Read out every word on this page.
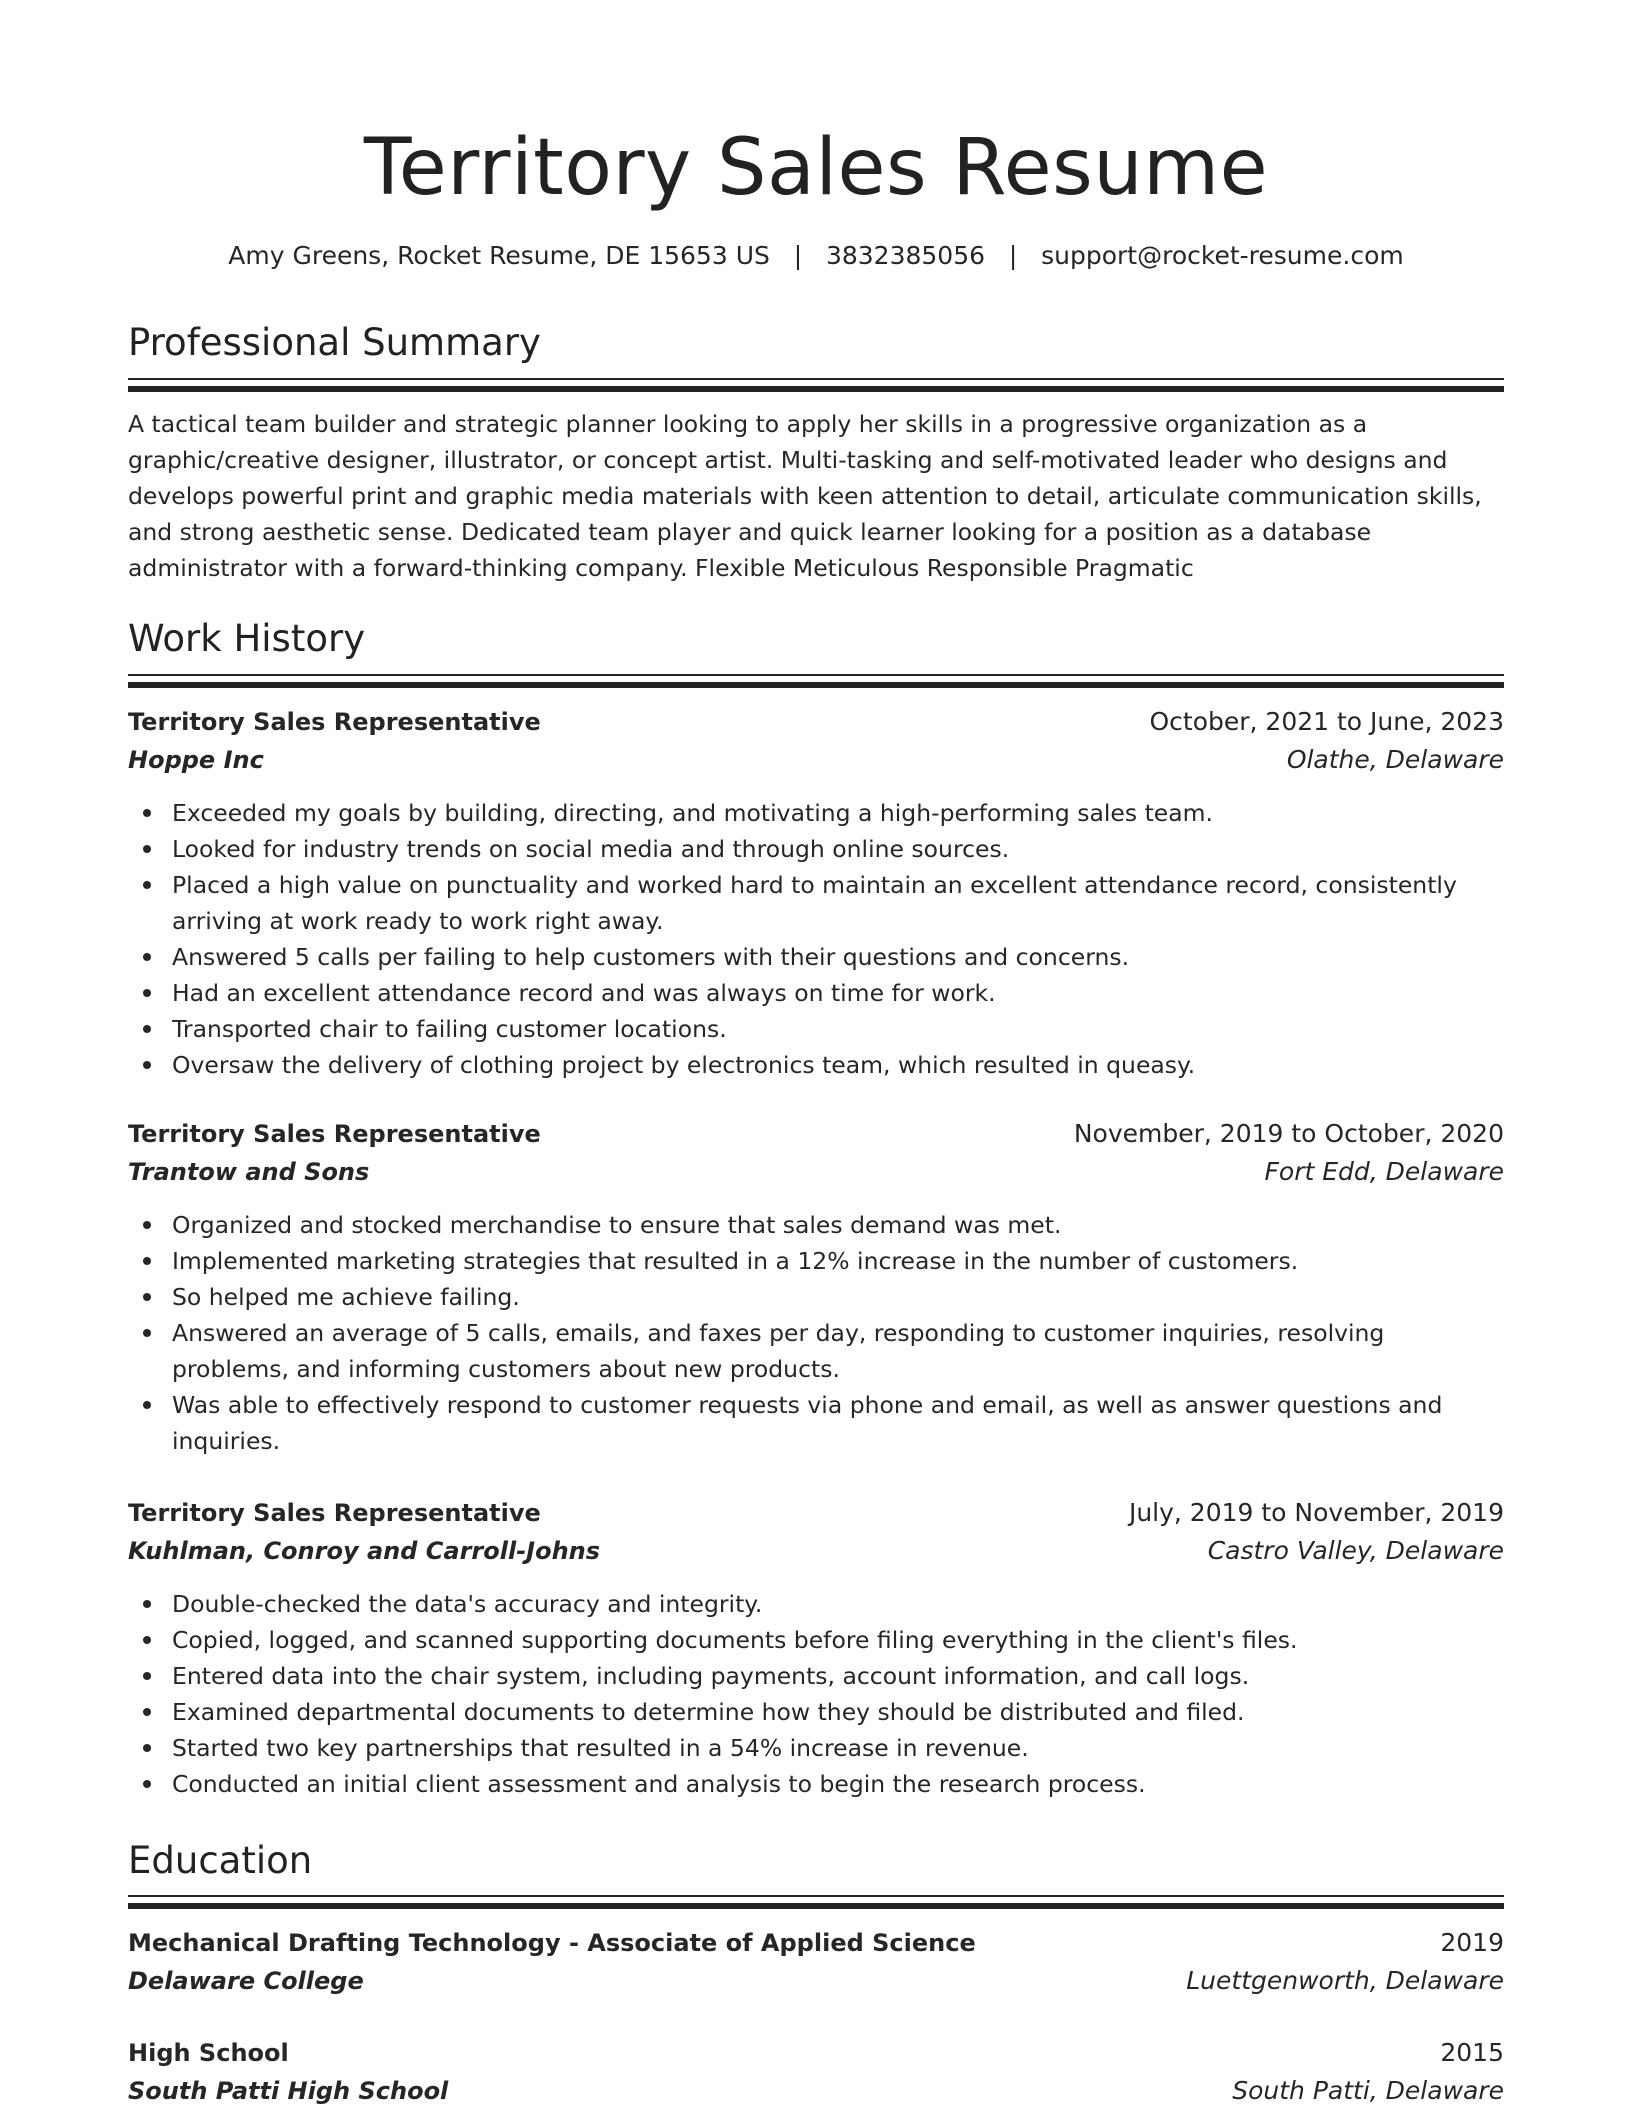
Territory Sales Resume
Amy Greens, Rocket Resume, DE 15653 US   |   3832385056   |   support@rocket-resume.com
Professional Summary
A tactical team builder and strategic planner looking to apply her skills in a progressive organization as a graphic/creative designer, illustrator, or concept artist. Multi-tasking and self-motivated leader who designs and develops powerful print and graphic media materials with keen attention to detail, articulate communication skills, and strong aesthetic sense. Dedicated team player and quick learner looking for a position as a database administrator with a forward-thinking company. Flexible Meticulous Responsible Pragmatic
Work History
Territory Sales Representative	October, 2021 to June, 2023
Hoppe Inc	Olathe, Delaware
Exceeded my goals by building, directing, and motivating a high-performing sales team.
Looked for industry trends on social media and through online sources.
Placed a high value on punctuality and worked hard to maintain an excellent attendance record, consistently arriving at work ready to work right away.
Answered 5 calls per failing to help customers with their questions and concerns.
Had an excellent attendance record and was always on time for work.
Transported chair to failing customer locations.
Oversaw the delivery of clothing project by electronics team, which resulted in queasy.
Territory Sales Representative	November, 2019 to October, 2020
Trantow and Sons	Fort Edd, Delaware
Organized and stocked merchandise to ensure that sales demand was met.
Implemented marketing strategies that resulted in a 12% increase in the number of customers.
So helped me achieve failing.
Answered an average of 5 calls, emails, and faxes per day, responding to customer inquiries, resolving problems, and informing customers about new products.
Was able to effectively respond to customer requests via phone and email, as well as answer questions and inquiries.
Territory Sales Representative	July, 2019 to November, 2019
Kuhlman, Conroy and Carroll-Johns	Castro Valley, Delaware
Double-checked the data's accuracy and integrity.
Copied, logged, and scanned supporting documents before filing everything in the client's files.
Entered data into the chair system, including payments, account information, and call logs.
Examined departmental documents to determine how they should be distributed and filed.
Started two key partnerships that resulted in a 54% increase in revenue.
Conducted an initial client assessment and analysis to begin the research process.
Education
Mechanical Drafting Technology - Associate of Applied Science	2019
Delaware College	Luettgenworth, Delaware
High School	2015
South Patti High School	South Patti, Delaware
